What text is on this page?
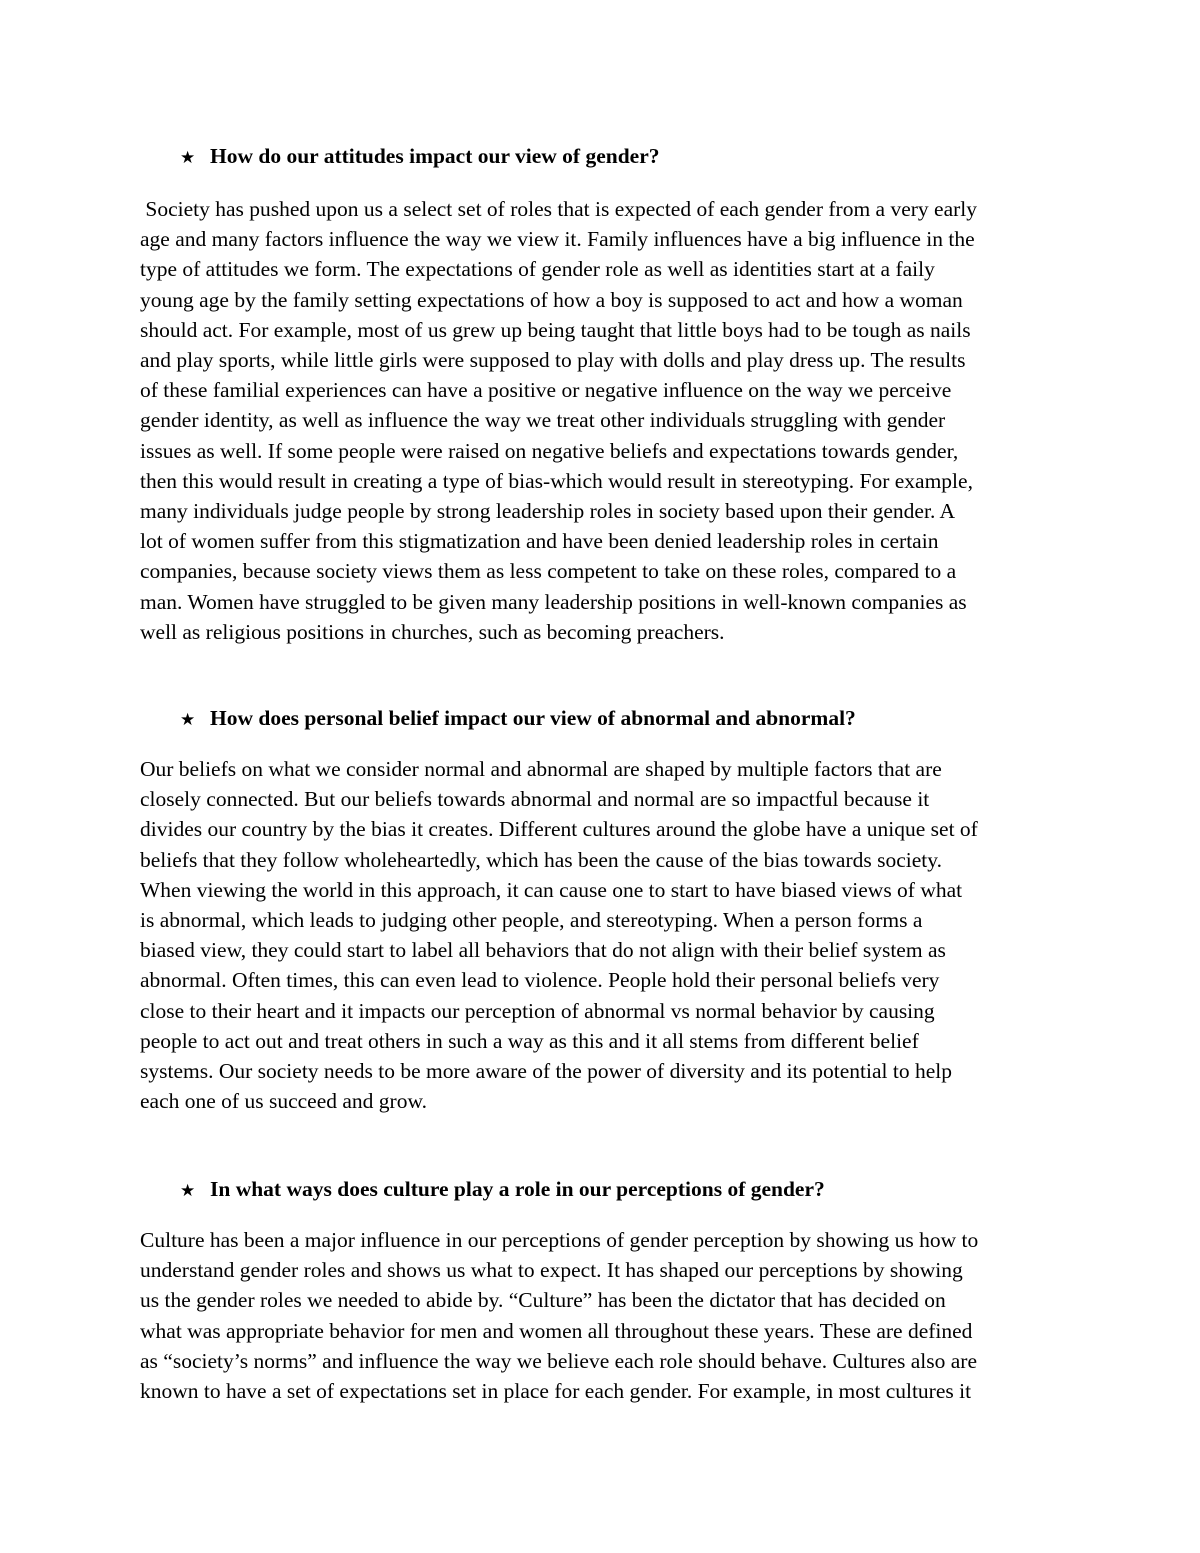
★ How do our attitudes impact our view of gender?
Society has pushed upon us a select set of roles that is expected of each gender from a very early
age and many factors influence the way we view it. Family influences have a big influence in the
type of attitudes we form. The expectations of gender role as well as identities start at a faily
young age by the family setting expectations of how a boy is supposed to act and how a woman
should act. For example, most of us grew up being taught that little boys had to be tough as nails
and play sports, while little girls were supposed to play with dolls and play dress up. The results
of these familial experiences can have a positive or negative influence on the way we perceive
gender identity, as well as influence the way we treat other individuals struggling with gender
issues as well. If some people were raised on negative beliefs and expectations towards gender,
then this would result in creating a type of bias-which would result in stereotyping. For example,
many individuals judge people by strong leadership roles in society based upon their gender. A
lot of women suffer from this stigmatization and have been denied leadership roles in certain
companies, because society views them as less competent to take on these roles, compared to a
man. Women have struggled to be given many leadership positions in well-known companies as
well as religious positions in churches, such as becoming preachers.
★ How does personal belief impact our view of abnormal and abnormal?
Our beliefs on what we consider normal and abnormal are shaped by multiple factors that are
closely connected. But our beliefs towards abnormal and normal are so impactful because it
divides our country by the bias it creates. Different cultures around the globe have a unique set of
beliefs that they follow wholeheartedly, which has been the cause of the bias towards society.
When viewing the world in this approach, it can cause one to start to have biased views of what
is abnormal, which leads to judging other people, and stereotyping. When a person forms a
biased view, they could start to label all behaviors that do not align with their belief system as
abnormal. Often times, this can even lead to violence. People hold their personal beliefs very
close to their heart and it impacts our perception of abnormal vs normal behavior by causing
people to act out and treat others in such a way as this and it all stems from different belief
systems. Our society needs to be more aware of the power of diversity and its potential to help
each one of us succeed and grow.
★ In what ways does culture play a role in our perceptions of gender?
Culture has been a major influence in our perceptions of gender perception by showing us how to
understand gender roles and shows us what to expect. It has shaped our perceptions by showing
us the gender roles we needed to abide by. “Culture” has been the dictator that has decided on
what was appropriate behavior for men and women all throughout these years. These are defined
as “society’s norms” and influence the way we believe each role should behave. Cultures also are
known to have a set of expectations set in place for each gender. For example, in most cultures it
